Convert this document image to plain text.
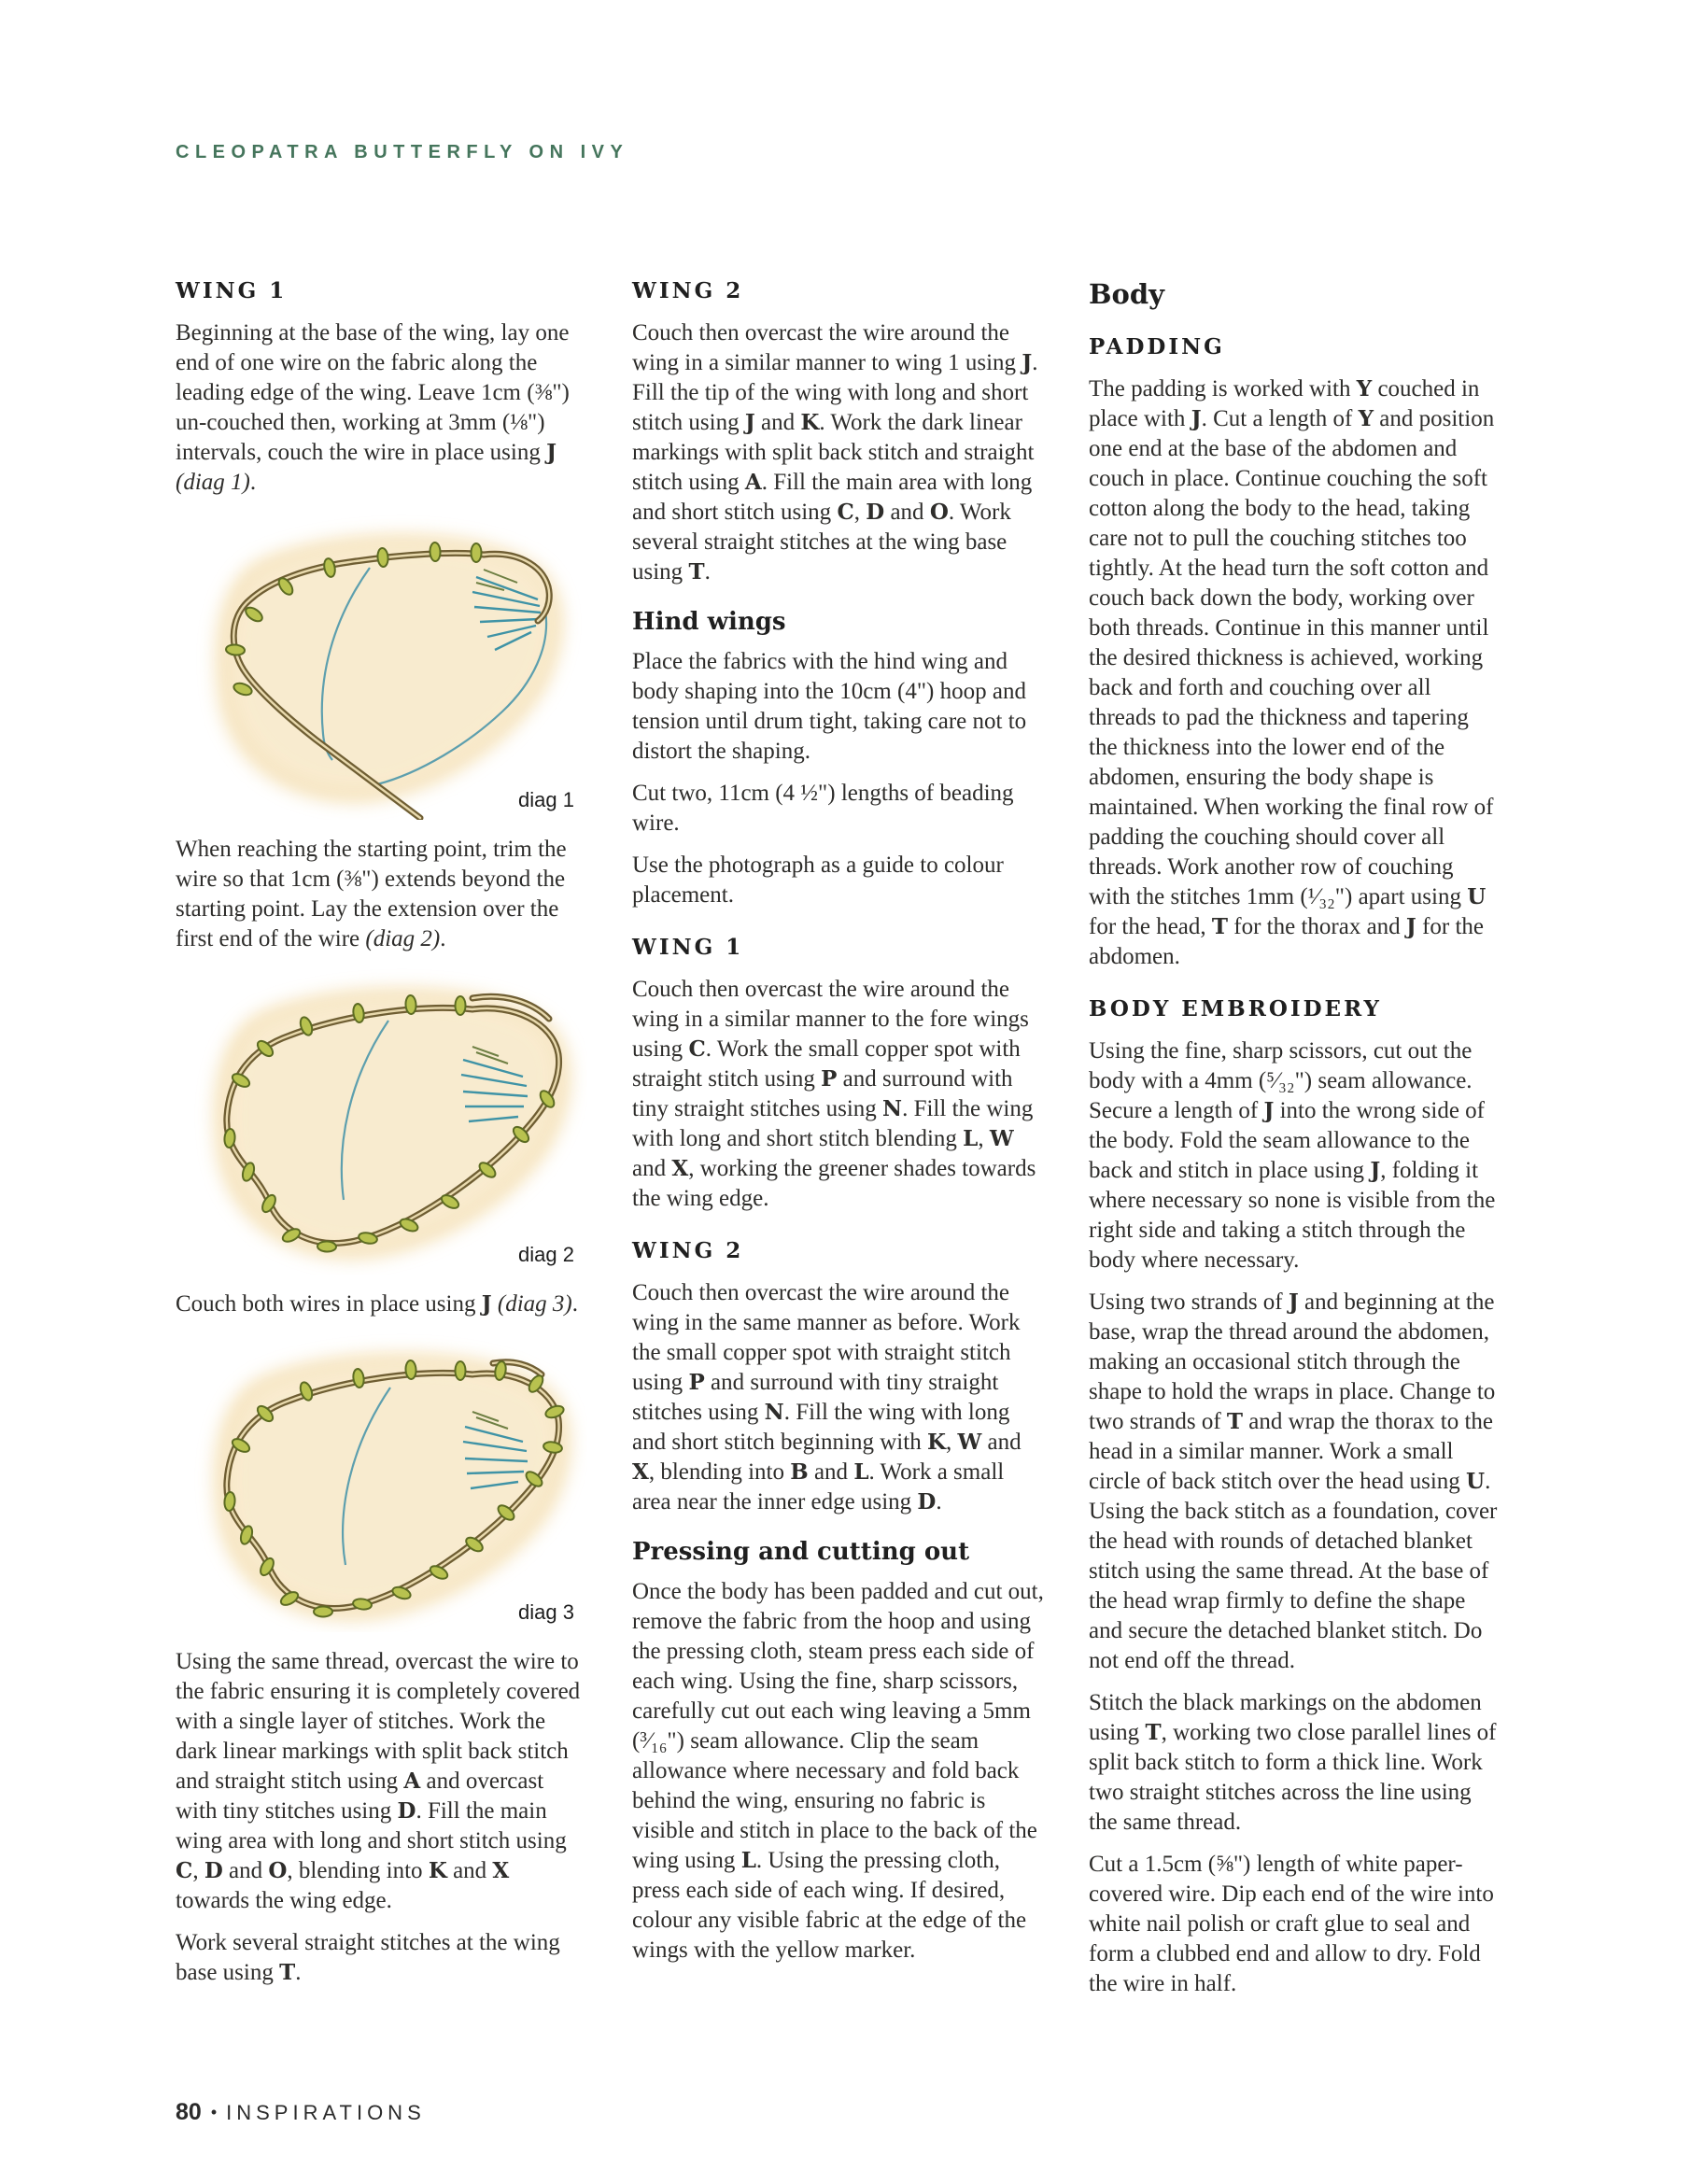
CLEOPATRA BUTTERFLY ON IVY
WING 1

Beginning at the base of the wing, lay one end of one wire on the fabric along the leading edge of the wing. Leave 1cm (⅜") un-couched then, working at 3mm (⅛") intervals, couch the wire in place using J (diag 1).

diag 1

When reaching the starting point, trim the wire so that 1cm (⅜") extends beyond the starting point. Lay the extension over the first end of the wire (diag 2).

diag 2

Couch both wires in place using J (diag 3).

diag 3

Using the same thread, overcast the wire to the fabric ensuring it is completely covered with a single layer of stitches. Work the dark linear markings with split back stitch and straight stitch using A and overcast with tiny stitches using D. Fill the main wing area with long and short stitch using C, D and O, blending into K and X towards the wing edge.

Work several straight stitches at the wing base using T.

WING 2

Couch then overcast the wire around the wing in a similar manner to wing 1 using J. Fill the tip of the wing with long and short stitch using J and K. Work the dark linear markings with split back stitch and straight stitch using A. Fill the main area with long and short stitch using C, D and O. Work several straight stitches at the wing base using T.

Hind wings

Place the fabrics with the hind wing and body shaping into the 10cm (4") hoop and tension until drum tight, taking care not to distort the shaping.

Cut two, 11cm (4 ½") lengths of beading wire.

Use the photograph as a guide to colour placement.

WING 1

Couch then overcast the wire around the wing in a similar manner to the fore wings using C. Work the small copper spot with straight stitch using P and surround with tiny straight stitches using N. Fill the wing with long and short stitch blending L, W and X, working the greener shades towards the wing edge.

WING 2

Couch then overcast the wire around the wing in the same manner as before. Work the small copper spot with straight stitch using P and surround with tiny straight stitches using N. Fill the wing with long and short stitch beginning with K, W and X, blending into B and L. Work a small area near the inner edge using D.

Pressing and cutting out

Once the body has been padded and cut out, remove the fabric from the hoop and using the pressing cloth, steam press each side of each wing. Using the fine, sharp scissors, carefully cut out each wing leaving a 5mm (³⁄₁₆") seam allowance. Clip the seam allowance where necessary and fold back behind the wing, ensuring no fabric is visible and stitch in place to the back of the wing using L. Using the pressing cloth, press each side of each wing. If desired, colour any visible fabric at the edge of the wings with the yellow marker.

Body
PADDING

The padding is worked with Y couched in place with J. Cut a length of Y and position one end at the base of the abdomen and couch in place. Continue couching the soft cotton along the body to the head, taking care not to pull the couching stitches too tightly. At the head turn the soft cotton and couch back down the body, working over both threads. Continue in this manner until the desired thickness is achieved, working back and forth and couching over all threads to pad the thickness and tapering the thickness into the lower end of the abdomen, ensuring the body shape is maintained. When working the final row of padding the couching should cover all threads. Work another row of couching with the stitches 1mm (¹⁄₃₂") apart using U for the head, T for the thorax and J for the abdomen.

BODY EMBROIDERY

Using the fine, sharp scissors, cut out the body with a 4mm (⁵⁄₃₂") seam allowance. Secure a length of J into the wrong side of the body. Fold the seam allowance to the back and stitch in place using J, folding it where necessary so none is visible from the right side and taking a stitch through the body where necessary.

Using two strands of J and beginning at the base, wrap the thread around the abdomen, making an occasional stitch through the shape to hold the wraps in place. Change to two strands of T and wrap the thorax to the head in a similar manner. Work a small circle of back stitch over the head using U. Using the back stitch as a foundation, cover the head with rounds of detached blanket stitch using the same thread. At the base of the head wrap firmly to define the shape and secure the detached blanket stitch. Do not end off the thread.

Stitch the black markings on the abdomen using T, working two close parallel lines of split back stitch to form a thick line. Work two straight stitches across the line using the same thread.

Cut a 1.5cm (⅝") length of white paper-covered wire. Dip each end of the wire into white nail polish or craft glue to seal and form a clubbed end and allow to dry. Fold the wire in half.

80 • INSPIRATIONS
